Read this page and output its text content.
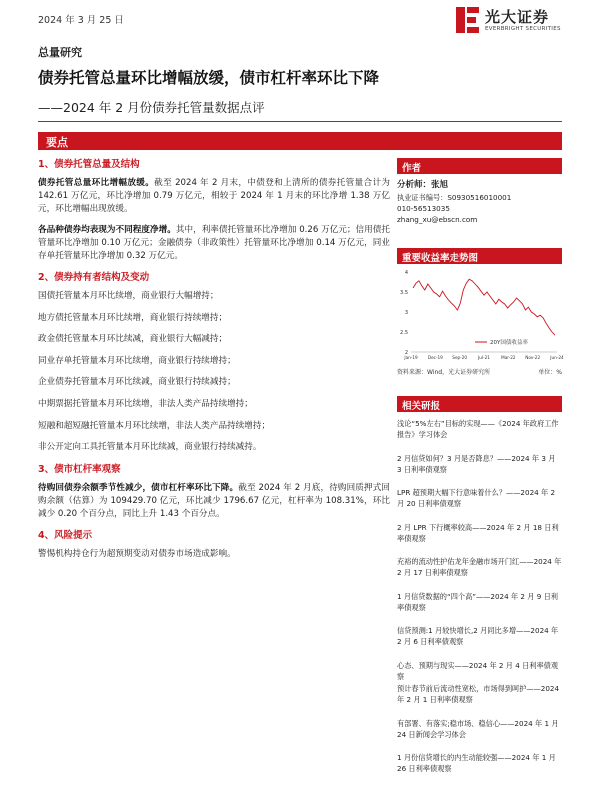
2024 年 3 月 25 日	光大证券
EVERBRIGHT SECURITIES
总量研究
债券托管总量环比增幅放缓，债市杠杆率环比下降
——2024 年 2 月份债券托管量数据点评
要点
1、债券托管总量及结构

债券托管总量环比增幅放缓。截至 2024 年 2 月末，中债登和上清所的债券托管量合计为 142.61 万亿元，环比净增加 0.79 万亿元，相较于 2024 年 1 月末的环比净增 1.38 万亿元，环比增幅出现放缓。

各品种债券均表现为不同程度净增。其中，利率债托管量环比净增加 0.26 万亿元；信用债托管量环比净增加 0.10 万亿元；金融债券（非政策性）托管量环比净增加 0.14 万亿元，同业存单托管量环比净增加 0.32 万亿元。

2、债券持有者结构及变动
国债托管量本月环比续增，商业银行大幅增持；
地方债托管量本月环比续增，商业银行持续增持；
政金债托管量本月环比续减，商业银行大幅减持；
同业存单托管量本月环比续增，商业银行持续增持；
企业债券托管量本月环比续减，商业银行持续减持；
中期票据托管量本月环比续增，非法人类产品持续增持；
短融和超短融托管量本月环比续增，非法人类产品持续增持；
非公开定向工具托管量本月环比续减，商业银行持续减持。
3、债市杠杆率观察

待购回债券余额季节性减少，债市杠杆率环比下降。截至 2024 年 2 月底，待购回质押式回购余额（估算）为 109429.70 亿元，环比减少 1796.67 亿元，杠杆率为 108.31%，环比减少 0.20 个百分点，同比上升 1.43 个百分点。

4、风险提示

警惕机构持仓行为超预期变动对债券市场造成影响。

作者
分析师：张旭
执业证书编号：S0930516010001
010-56513035
zhang_xu@ebscn.com
重要收益率走势图
4
3.5
3
2.5
2
Jan-19 Dec-19 Sep-20	Jul-21	Mar-22 Nov-22 Jun-24
20Y国债收益率
资料来源：Wind，光大证券研究所	单位：%
相关研报
浅论“5%左右”目标的实现——《2024 年政府工作报告》学习体会
2 月信贷如何？3 月是否降息？——2024 年 3 月 3 日利率债观察
LPR 超预期大幅下行意味着什么？——2024 年 2 月 20 日利率债观察
2 月 LPR 下行概率较高——2024 年 2 月 18 日利率债观察
充裕的流动性护佑龙年金融市场开门红——2024 年 2 月 17 日利率债观察
1 月信贷数据的“四个高”——2024 年 2 月 9 日利率债观察
信贷预测:1 月较快增长,2 月同比多增——2024 年 2 月 6 日利率债观察
心态、预期与现实——2024 年 2 月 4 日利率债观察
预计春节前后流动性宽松，市场得到呵护——2024 年 2 月 1 日利率债观察
有部署、有落实;稳市场、稳信心——2024 年 1 月 24 日新闻会学习体会
1 月份信贷增长的内生动能较强——2024 年 1 月 26 日利率债观察
